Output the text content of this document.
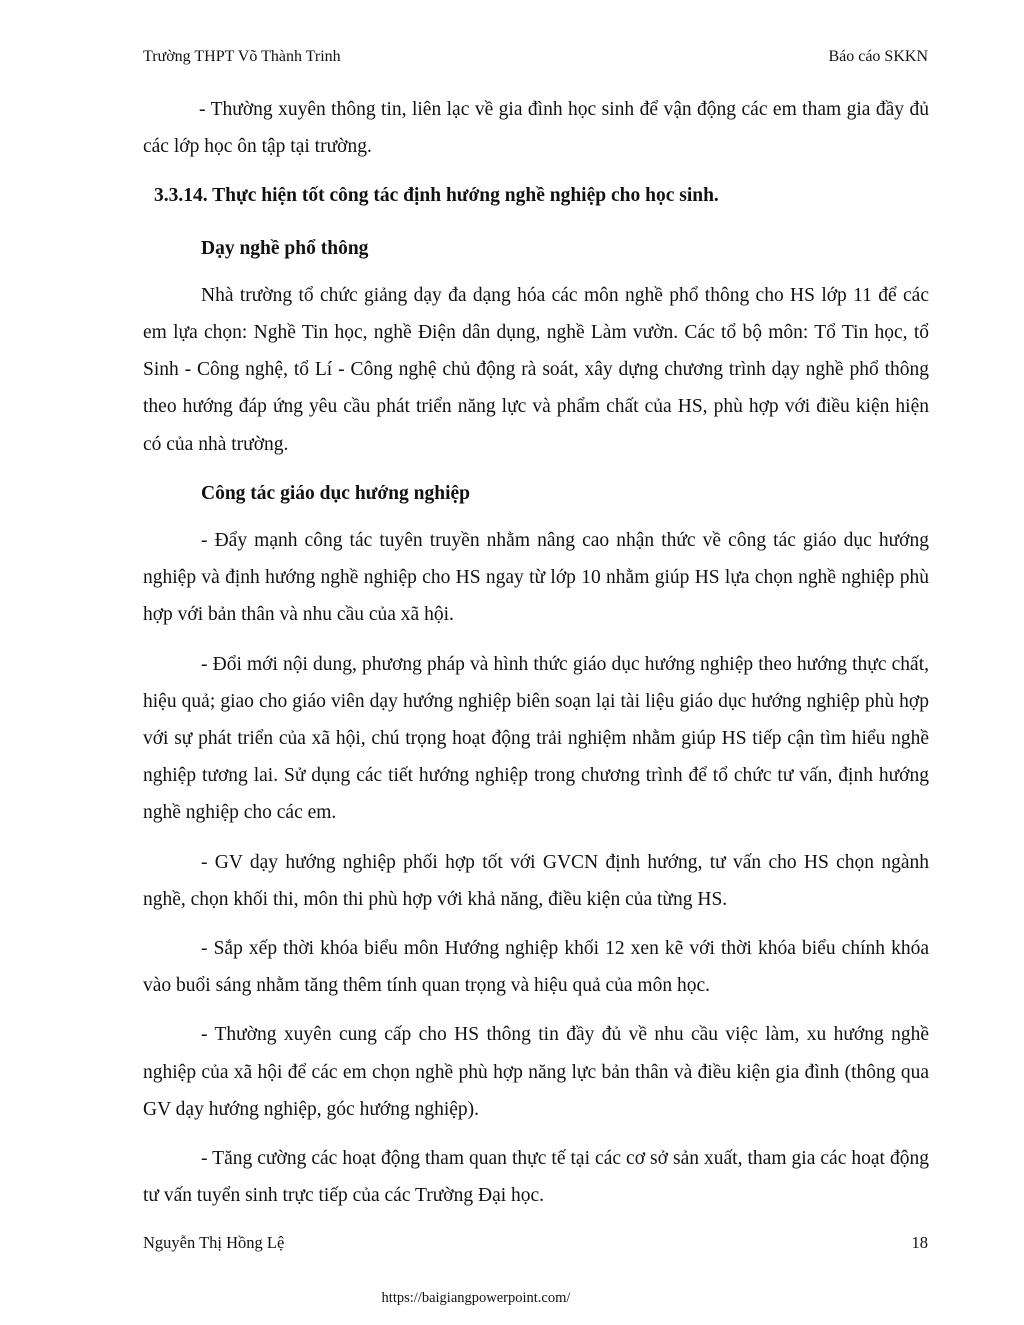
Trường THPT Võ Thành Trinh	Báo cáo SKKN

- Thường xuyên thông tin, liên lạc về gia đình học sinh để vận động các em tham gia đầy đủ các lớp học ôn tập tại trường.

3.3.14. Thực hiện tốt công tác định hướng nghề nghiệp cho học sinh.

Dạy nghề phổ thông

Nhà trường tổ chức giảng dạy đa dạng hóa các môn nghề phổ thông cho HS lớp 11 để các em lựa chọn: Nghề Tin học, nghề Điện dân dụng, nghề Làm vườn. Các tổ bộ môn: Tổ Tin học, tổ Sinh - Công nghệ, tổ Lí - Công nghệ chủ động rà soát, xây dựng chương trình dạy nghề phổ thông theo hướng đáp ứng yêu cầu phát triển năng lực và phẩm chất của HS, phù hợp với điều kiện hiện có của nhà trường.

Công tác giáo dục hướng nghiệp

- Đẩy mạnh công tác tuyên truyền nhằm nâng cao nhận thức về công tác giáo dục hướng nghiệp và định hướng nghề nghiệp cho HS ngay từ lớp 10 nhằm giúp HS lựa chọn nghề nghiệp phù hợp với bản thân và nhu cầu của xã hội.

- Đổi mới nội dung, phương pháp và hình thức giáo dục hướng nghiệp theo hướng thực chất, hiệu quả; giao cho giáo viên dạy hướng nghiệp biên soạn lại tài liệu giáo dục hướng nghiệp phù hợp với sự phát triển của xã hội, chú trọng hoạt động trải nghiệm nhằm giúp HS tiếp cận tìm hiểu nghề nghiệp tương lai. Sử dụng các tiết hướng nghiệp trong chương trình để tổ chức tư vấn, định hướng nghề nghiệp cho các em.

- GV dạy hướng nghiệp phối hợp tốt với GVCN định hướng, tư vấn cho HS chọn ngành nghề, chọn khối thi, môn thi phù hợp với khả năng, điều kiện của từng HS.

- Sắp xếp thời khóa biểu môn Hướng nghiệp khối 12 xen kẽ với thời khóa biểu chính khóa vào buổi sáng nhằm tăng thêm tính quan trọng và hiệu quả của môn học.

- Thường xuyên cung cấp cho HS thông tin đầy đủ về nhu cầu việc làm, xu hướng nghề nghiệp của xã hội để các em chọn nghề phù hợp năng lực bản thân và điều kiện gia đình (thông qua GV dạy hướng nghiệp, góc hướng nghiệp).

- Tăng cường các hoạt động tham quan thực tế tại các cơ sở sản xuất, tham gia các hoạt động tư vấn tuyển sinh trực tiếp của các Trường Đại học.

Nguyễn Thị Hồng Lệ	18
https://baigiangpowerpoint.com/
